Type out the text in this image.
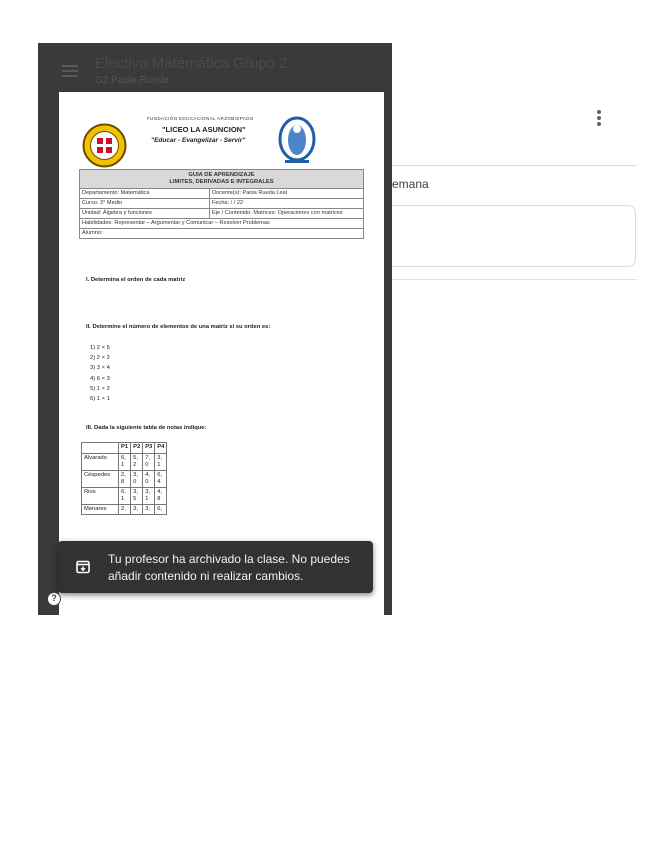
emana
Electivo Matemática Grupo 2
G2 Paola Rueda
FUNDACIÓN EDUCACIONAL ARZOBISPADO
"LICEO LA ASUNCION"
"Educar - Evangelizar - Servir"
GUIA DE APRENDIZAJE
LIMITES, DERIVADAS E INTEGRALES	
Departamento: Matemática	Docente(s): Paola Rueda Leal
Curso: 3° Medio	Fecha: / / 22
Unidad: Álgebra y funciones	Eje / Contenido: Matrices: Operaciones con matrices
Habilidades: Representar – Argumentar y Comunicar – Resolver Problemas	
Alumno:	
I. Determina el orden de cada matriz
II. Determine el número de elementos de una matriz si su orden es:
1) 2 × 5
2) 2 × 2
3) 3 × 4
4) 6 × 3
5) 1 × 2
6) 1 × 1
III. Dada la siguiente tabla de notas indique:
	P1	P2	P3	P4
Alvarado	6, 1	5, 2	7, 0	3, 1
Céspedes	2, 8	3, 0	4, 0	6, 4
Rios	6, 1	3, 5	3, 1	4, 8
Menares	2,	3,	3,	6,
Tu profesor ha archivado la clase. No puedes añadir contenido ni realizar cambios.
?
